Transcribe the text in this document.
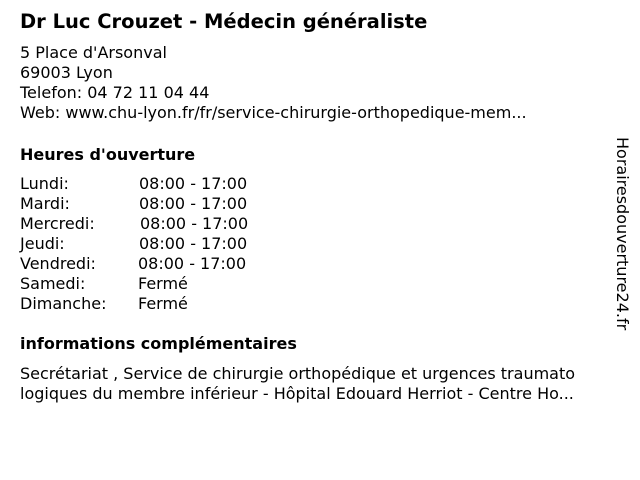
Dr Luc Crouzet - Médecin généraliste
5 Place d'Arsonval
69003 Lyon
Telefon: 04 72 11 04 44
Web: www.chu-lyon.fr/fr/service-chirurgie-orthopedique-mem...
Heures d'ouverture
Lundi:	08:00 - 17:00
Mardi:	08:00 - 17:00
Mercredi:	08:00 - 17:00
Jeudi:	08:00 - 17:00
Vendredi:	08:00 - 17:00
Samedi:	Fermé
Dimanche: Fermé
informations complémentaires
Secrétariat , Service de chirurgie orthopédique et urgences traumato
logiques du membre inférieur - Hôpital Edouard Herriot - Centre Ho...
Horairesdouverture24.fr
